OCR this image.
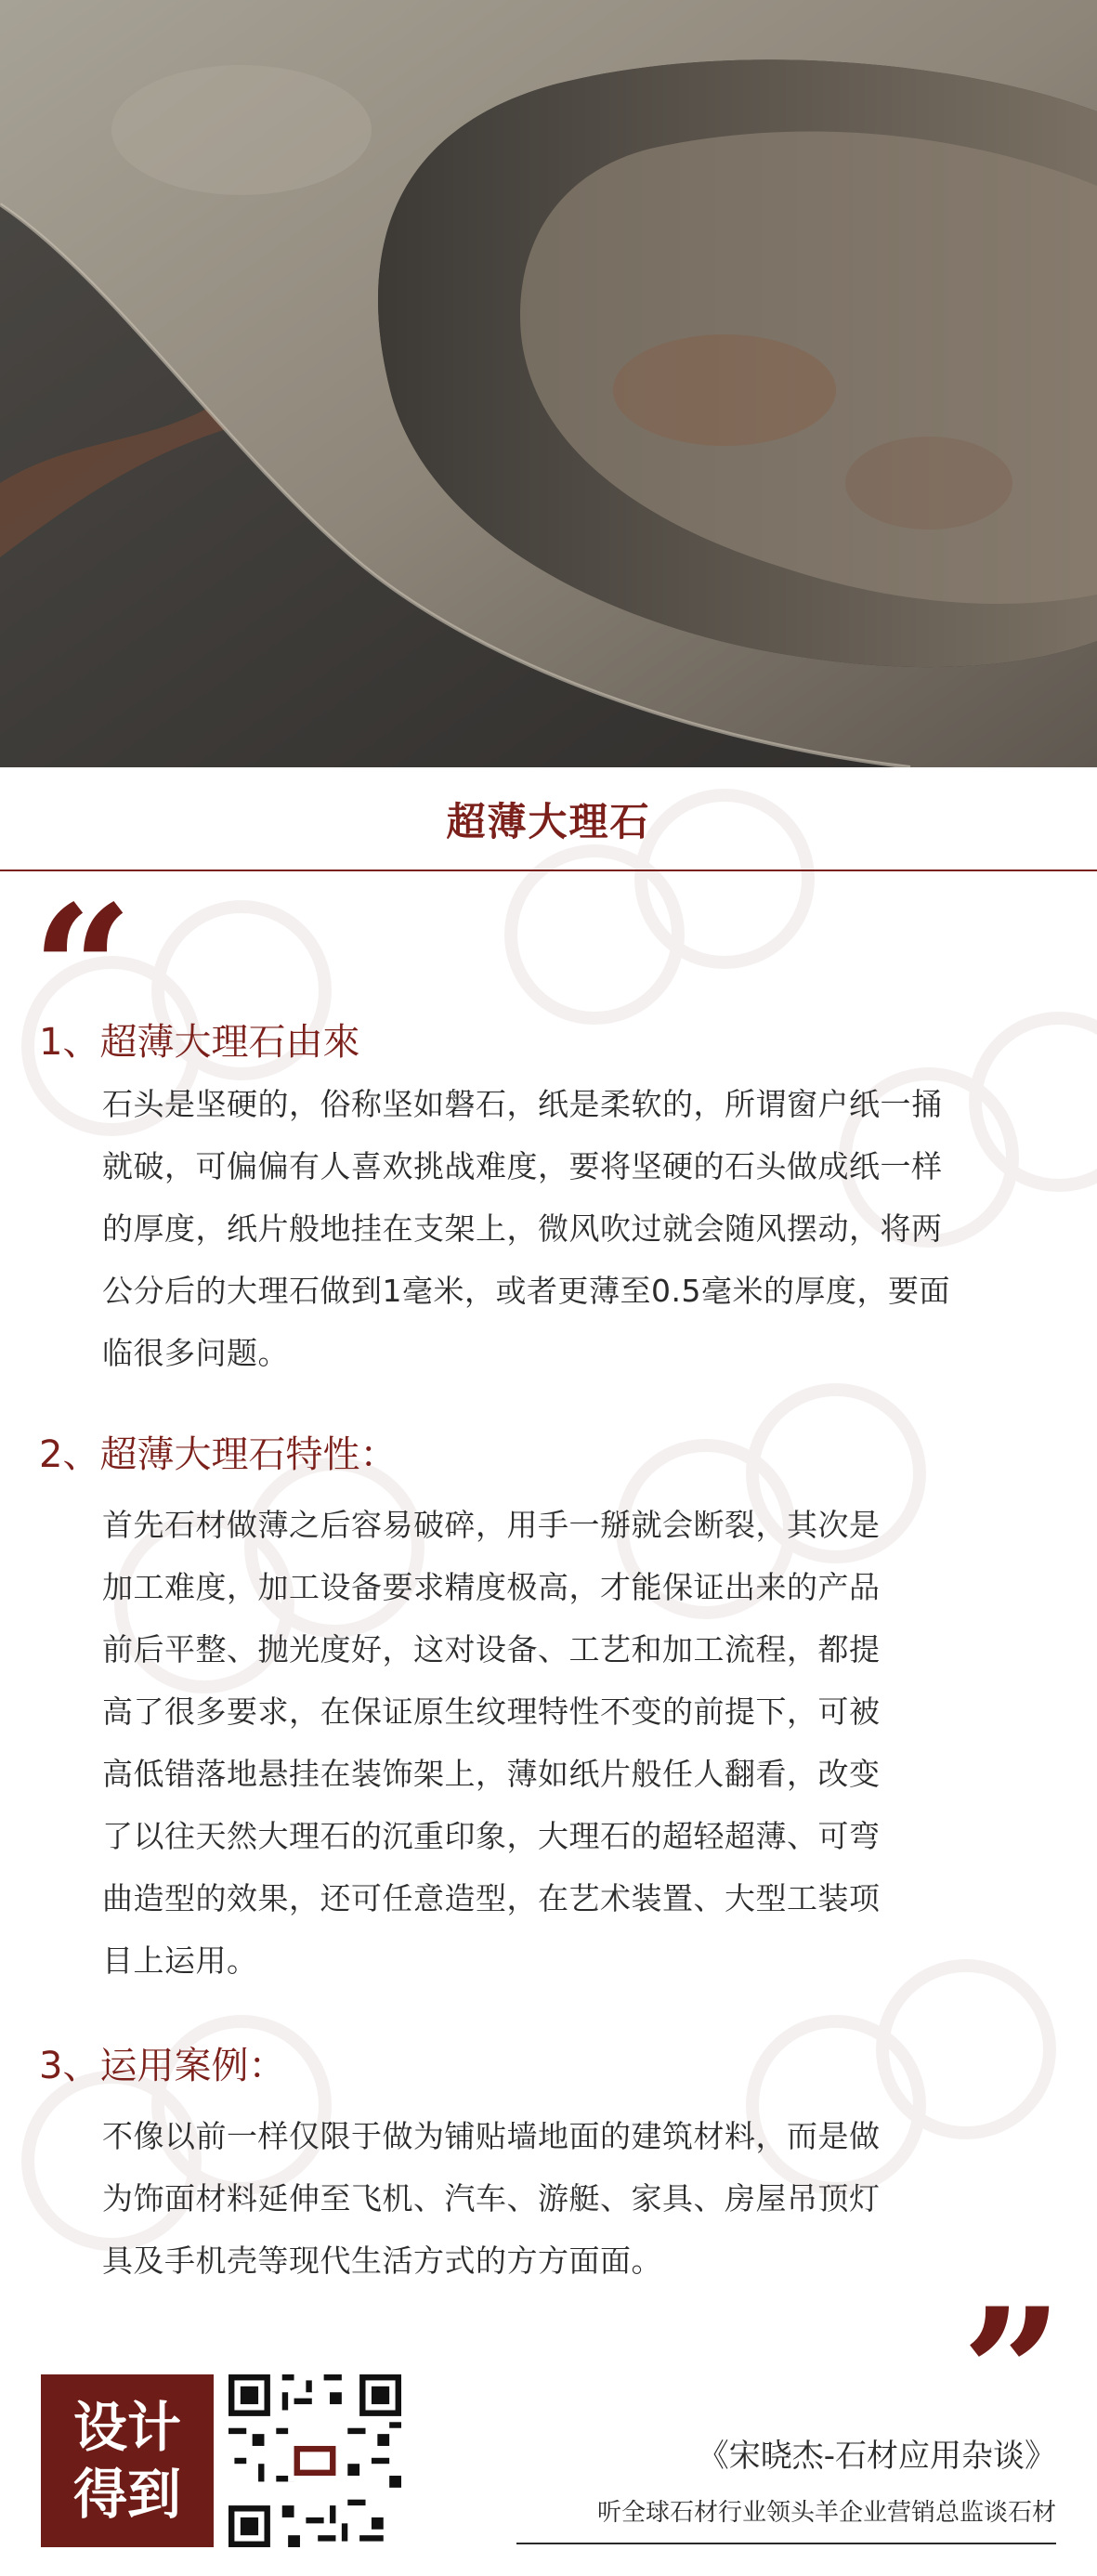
超薄大理石
“
1、超薄大理石由來
石头是坚硬的，俗称坚如磐石，纸是柔软的，所谓窗户纸一捅
就破，可偏偏有人喜欢挑战难度，要将坚硬的石头做成纸一样
的厚度，纸片般地挂在支架上，微风吹过就会随风摆动，将两
公分后的大理石做到1毫米，或者更薄至0.5毫米的厚度，要面
临很多问题。
2、超薄大理石特性：
首先石材做薄之后容易破碎，用手一掰就会断裂，其次是
加工难度，加工设备要求精度极高，才能保证出来的产品
前后平整、抛光度好，这对设备、工艺和加工流程，都提
高了很多要求，在保证原生纹理特性不变的前提下，可被
高低错落地悬挂在装饰架上，薄如纸片般任人翻看，改变
了以往天然大理石的沉重印象，大理石的超轻超薄、可弯
曲造型的效果，还可任意造型，在艺术装置、大型工装项
目上运用。
3、运用案例：
不像以前一样仅限于做为铺贴墙地面的建筑材料，而是做
为饰面材料延伸至飞机、汽车、游艇、家具、房屋吊顶灯
具及手机壳等现代生活方式的方方面面。
”
设计
得到
《宋晓杰-石材应用杂谈》
听全球石材行业领头羊企业营销总监谈石材
